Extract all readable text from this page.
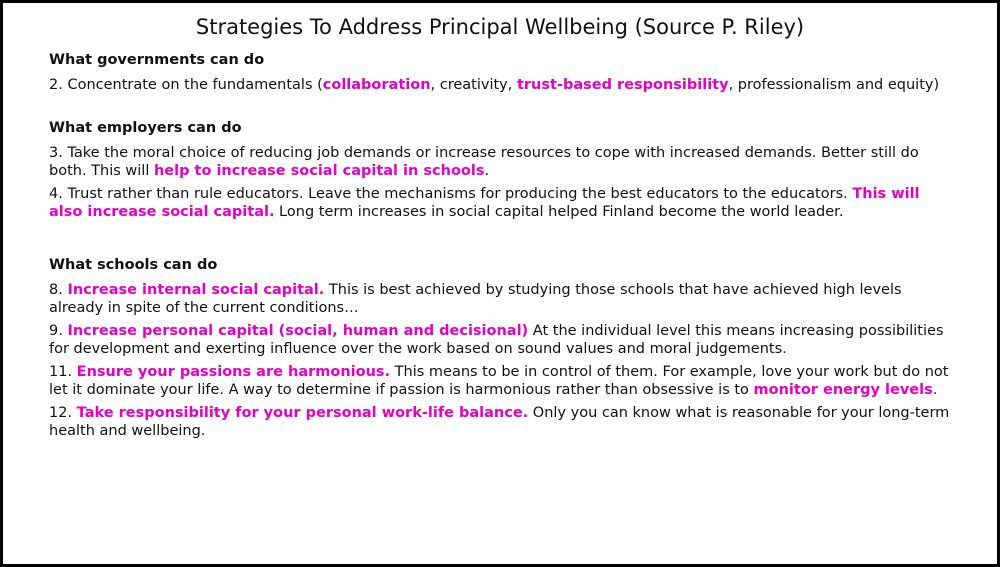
Strategies To Address Principal Wellbeing (Source P. Riley)
What governments can do

2. Concentrate on the fundamentals (collaboration, creativity, trust-based responsibility, professionalism and equity)

What employers can do

3. Take the moral choice of reducing job demands or increase resources to cope with increased demands. Better still do both. This will help to increase social capital in schools.

4. Trust rather than rule educators. Leave the mechanisms for producing the best educators to the educators. This will also increase social capital. Long term increases in social capital helped Finland become the world leader.

What schools can do

8. Increase internal social capital. This is best achieved by studying those schools that have achieved high levels already in spite of the current conditions…

9. Increase personal capital (social, human and decisional) At the individual level this means increasing possibilities for development and exerting influence over the work based on sound values and moral judgements.

11. Ensure your passions are harmonious. This means to be in control of them. For example, love your work but do not let it dominate your life. A way to determine if passion is harmonious rather than obsessive is to monitor energy levels.

12. Take responsibility for your personal work-life balance. Only you can know what is reasonable for your long-term health and wellbeing.
